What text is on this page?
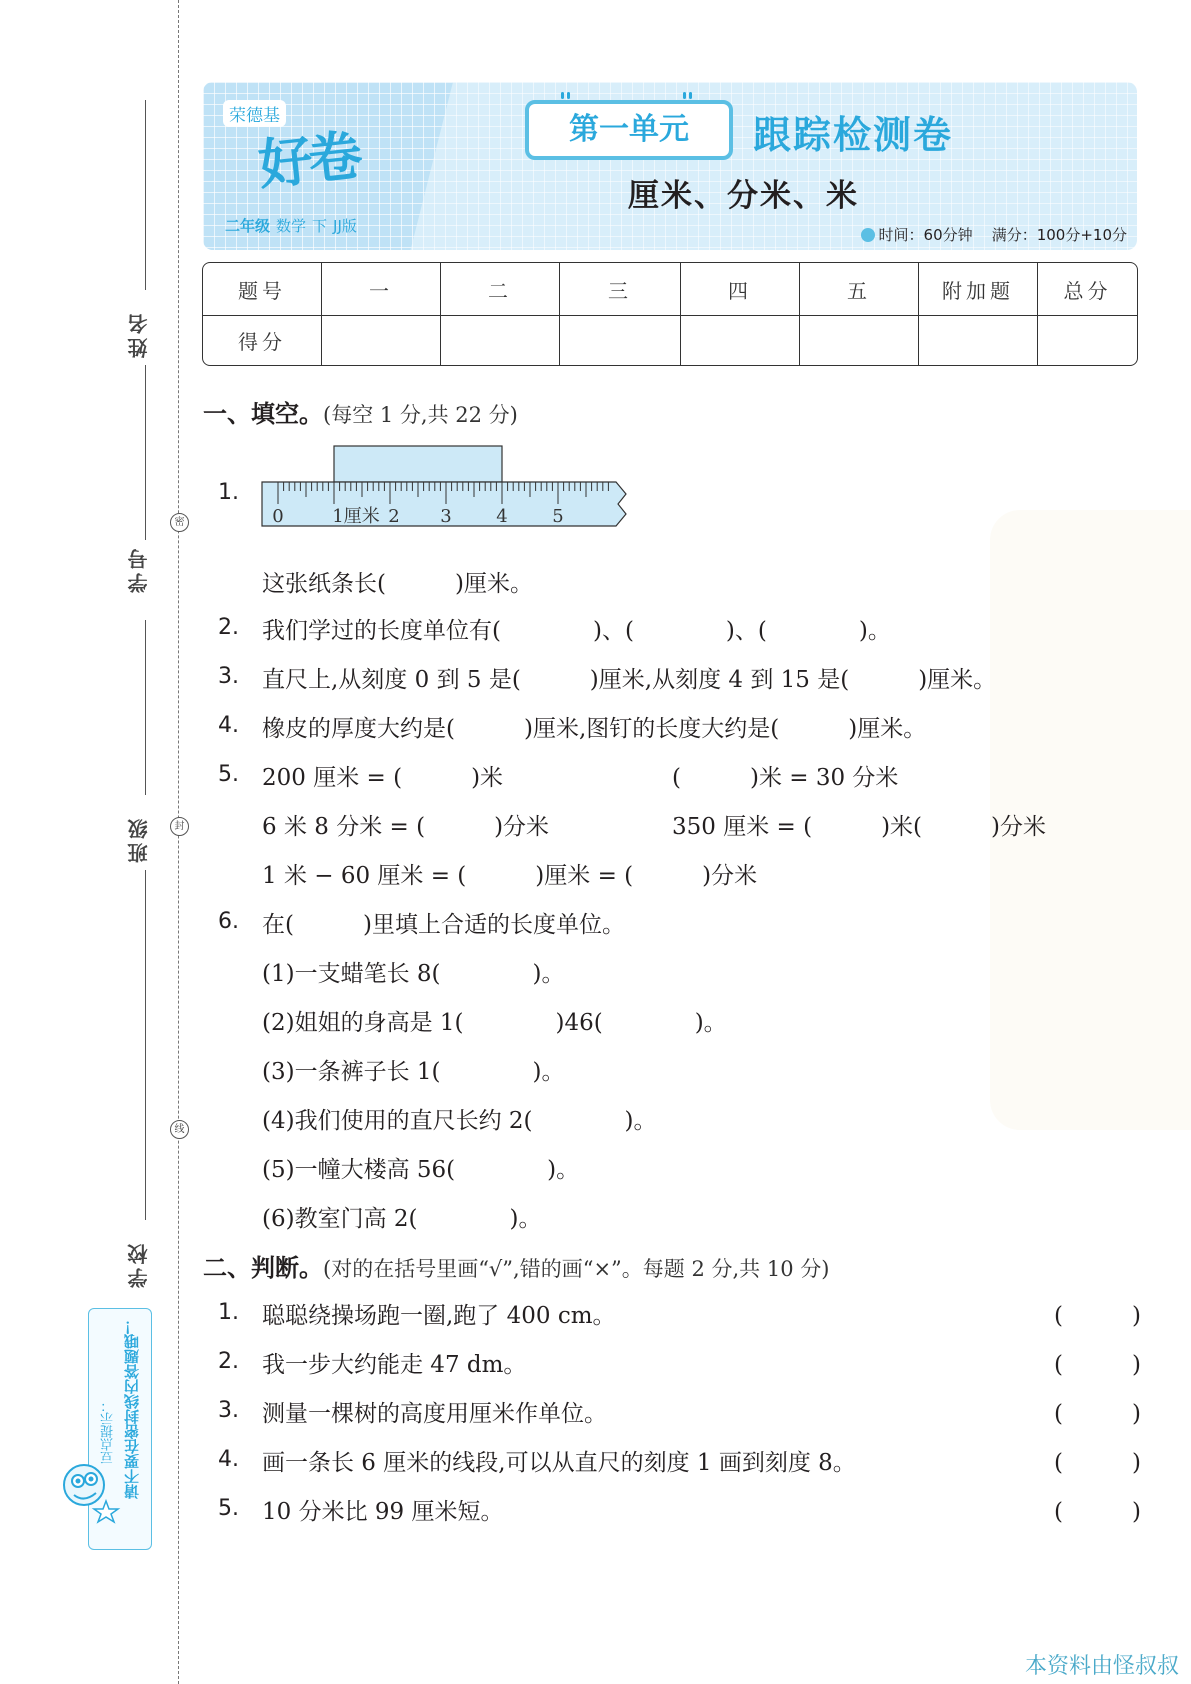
姓名
学号
班级
学校
密
封
线
豆点提示： 请不要在密封线内答题哦！
荣德基
好卷
二年级 数学 下 JJ版
第一单元	跟踪检测卷
厘米、分米、米
时间：60分钟 满分：100分+10分
题号	一	二	三	四	五	附加题	总分
得分							
一、填空。(每空 1 分,共 22 分)
1.
0	1厘米 2 3 4 5
这张纸条长(　　　)厘米。
2. 我们学过的长度单位有(　　　　)、(　　　　)、(　　　　)。
3. 直尺上,从刻度 0 到 5 是(　　　)厘米,从刻度 4 到 15 是(　　　)厘米。
4. 橡皮的厚度大约是(　　　)厘米,图钉的长度大约是(　　　)厘米。
5. 200 厘米 = (　　　)米	(　　　)米 = 30 分米
6 米 8 分米 = (　　　)分米	350 厘米 = (　　　)米(　　　)分米
1 米 − 60 厘米 = (　　　)厘米 = (　　　)分米
6. 在(　　　)里填上合适的长度单位。
(1)一支蜡笔长 8(　　　　)。
(2)姐姐的身高是 1(　　　　)46(　　　　)。
(3)一条裤子长 1(　　　　)。
(4)我们使用的直尺长约 2(　　　　)。
(5)一幢大楼高 56(　　　　)。
(6)教室门高 2(　　　　)。
二、判断。(对的在括号里画“√”,错的画“×”。每题 2 分,共 10 分)
1. 聪聪绕操场跑一圈,跑了 400 cm。	(　　　)
2. 我一步大约能走 47 dm。	(　　　)
3. 测量一棵树的高度用厘米作单位。	(　　　)
4. 画一条长 6 厘米的线段,可以从直尺的刻度 1 画到刻度 8。	(　　　)
5. 10 分米比 99 厘米短。	(　　　)
本资料由怪叔叔
